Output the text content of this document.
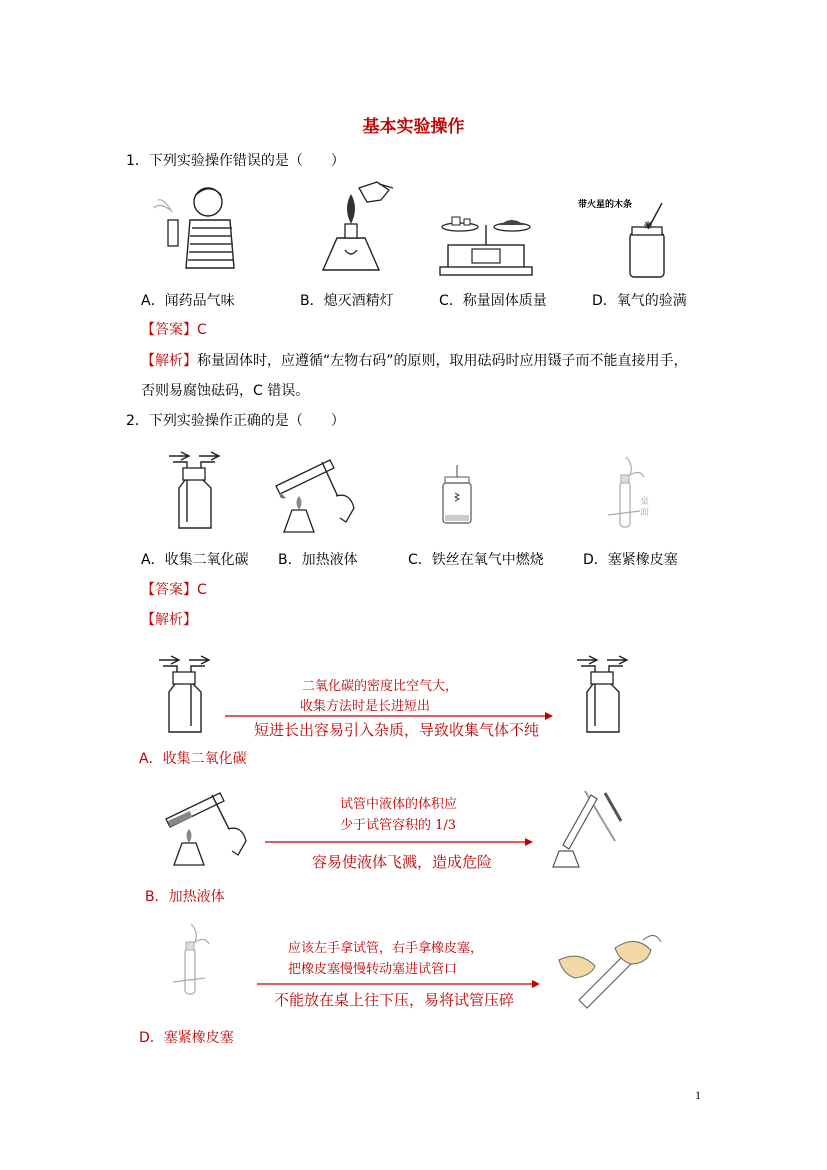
基本实验操作
1．下列实验操作错误的是（　　）
带火星的木条
A．闻药品气味	B．熄灭酒精灯	C．称量固体质量	D．氧气的验满
【答案】C
【解析】称量固体时，应遵循“左物右码”的原则，取用砝码时应用镊子而不能直接用手，
否则易腐蚀砝码，C 错误。
2．下列实验操作正确的是（　　）
桌面
A．收集二氧化碳 B．加热液体	C．铁丝在氧气中燃烧	D．塞紧橡皮塞
【答案】C
【解析】
二氧化碳的密度比空气大，
收集方法时是长进短出
短进长出容易引入杂质，导致收集气体不纯
A．收集二氧化碳
试管中液体的体积应
少于试管容积的 1/3
容易使液体飞溅，造成危险
B．加热液体
应该左手拿试管，右手拿橡皮塞，
把橡皮塞慢慢转动塞进试管口
不能放在桌上往下压，易将试管压碎
D．塞紧橡皮塞
1
